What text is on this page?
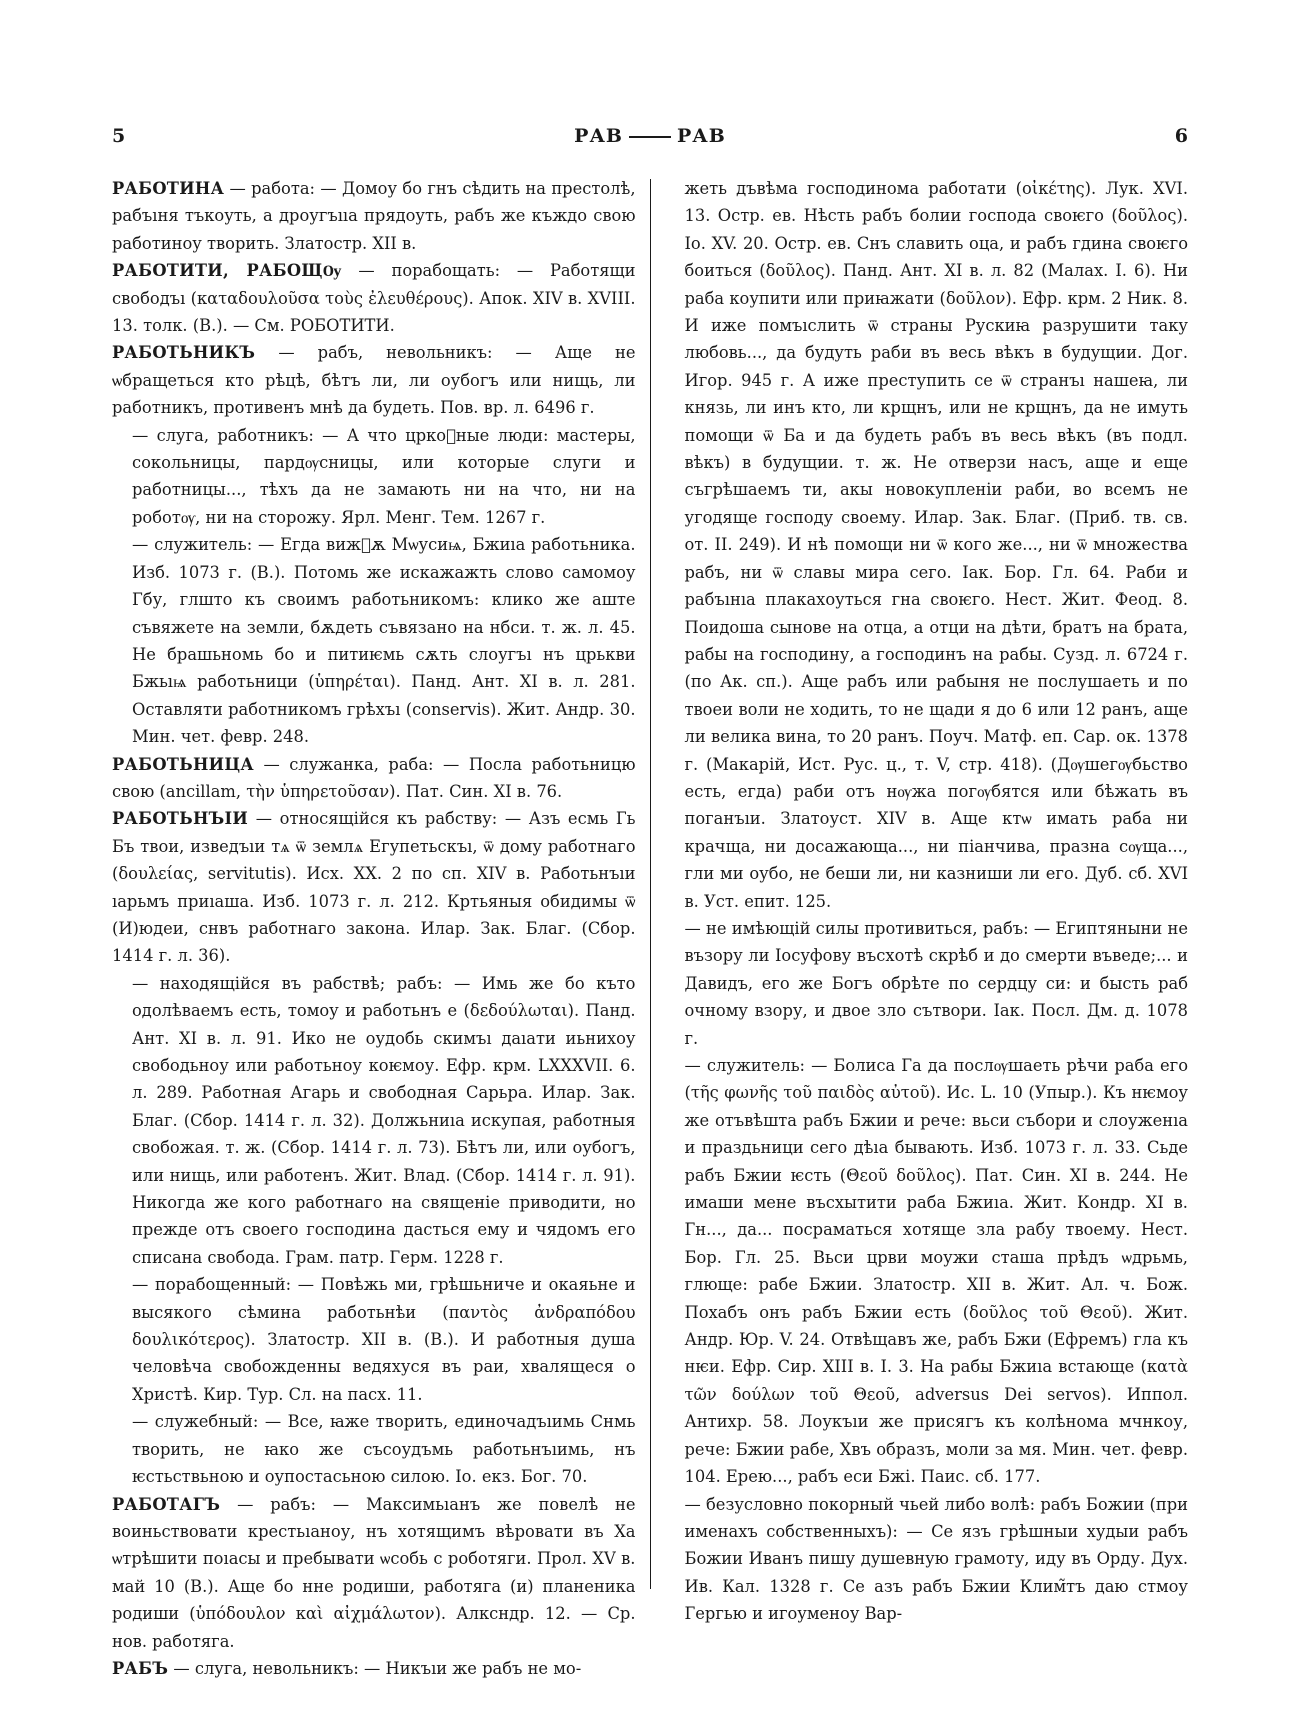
5	РАВ	РАВ	6

РАБОТИНА — работа: — Домоу бо гнъ сѣдить на престолѣ, рабъıня тъкоуть, а дроугъııа прядоуть, рабъ же къждо свою работиноу творить. Златостр. XII в.

РАБОТИТИ, РАБОЩѸ — порабощать: — Работящи свободъı (καταδουλοῦσα τοὺς ἐλευθέρους). Апок. XIV в. XVIII. 13. толк. (В.). — См. РОБОТИТИ.

РАБОТЬНИКЪ — рабъ, невольникъ: — Аще не ѡбращеться кто рѣцѣ, бѣтъ ли, ли оубогъ или нищь, ли работникъ, противенъ мнѣ да будеть. Пов. вр. л. 6496 г.

— слуга, работникъ: — А что цркоⷡные люди: мастеры, сокольницы, пардѹсницы, или которые слуги и работницы..., тѣхъ да не замають ни на что, ни на роботѹ, ни на сторожу. Ярл. Менг. Тем. 1267 г.

— служитель: — Егда вижⷣѫ Мѡусиѩ, Бжиıа работьника. Изб. 1073 г. (В.). Потомь же искажажть слово самомоу Гбу, глшто къ своимъ работьникомъ: клико же аште съвяжете на земли, бѫдеть съвязано на нбси. т. ж. л. 45. Не брашьномь бо и питиѥмь сѫть слоугъı нъ црькви Бжьıѩ работьници (ὑπηρέται). Панд. Ант. XI в. л. 281. Оставляти работникомъ грѣхъı (conservis). Жит. Андр. 30. Мин. чет. февр. 248.

РАБОТЬНИЦА — служанка, раба: — Посла работьницю свою (ancillam, τὴν ὑπηρετοῦσαν). Пат. Син. XI в. 76.

РАБОТЬНЪIИ — относящійся къ рабству: — Азъ есмь Гь Бъ твои, изведъıи тѧ ѿ землѧ Егупетьскъı, ѿ дому работнаго (δουλείας, servitutis). Исх. XX. 2 по сп. XIV в. Работьнъıи ıарьмъ приıашa. Изб. 1073 г. л. 212. Кртьяныя обидимы ѿ (И)юдеи, снвъ работнаго закона. Илар. Зак. Благ. (Сбор. 1414 г. л. 36).

— находящійся въ рабствѣ; рабъ: — Имь же бо къто одолѣваемъ есть, томоу и работьнъ е (δεδούλωται). Панд. Ант. XI в. л. 91. Ико не оудобь скимъı даıати иьнихоу свободьноу или работьноу коѥмоу. Ефр. крм. LXXXVII. 6. л. 289. Работная Агарь и свободная Сарьра. Илар. Зак. Благ. (Сбор. 1414 г. л. 32). Должьниıа искупая, работныя свобожая. т. ж. (Сбор. 1414 г. л. 73). Бѣтъ ли, или оубогъ, или нищь, или работенъ. Жит. Влад. (Сбор. 1414 г. л. 91). Никогда же кого работнаго на священіе приводити, но прежде отъ своего господина дасться ему и чядомъ его списана свобода. Грам. патр. Герм. 1228 г.

— порабощенный: — Повѣжь ми, грѣшьниче и окаяьне и высякого сѣмина работьнѣи (παντὸς ἀνδραπόδου δουλικότερος). Златостр. XII в. (В.). И работныя душа человѣча свобожденны ведяхуся въ раи, хвалящеся о Христѣ. Кир. Тур. Сл. на пасх. 11.

— служебный: — Все, ꙗже творить, единочадъıимь Снмь творить, не ꙗко же съсоудъмь работьнъıимь, нъ ѥстьствьною и оупостасьною силою. Іо. екз. Бог. 70.

РАБОТАГЪ — рабъ: — Максимьıанъ же повелѣ не воиньствовати крестьıаноу, нъ хотящимъ вѣровати въ Ха ѡтрѣшити поıасы и пребывати ѡсобь с роботяги. Прол. XV в. май 10 (В.). Аще бо нне родиши, работяга (и) планеника родиши (ὑπόδουλον καὶ αἰχμάλωτον). Алксндр. 12. — Ср. нов. работяга.

РАБЪ — слуга, невольникъ: — Никъıи же рабъ не мо-

жеть дъвѣма господинома работати (οἰκέτης). Лук. XVI. 13. Остр. ев. Нѣсть рабъ болии господа своѥго (δοῦλος). Іо. XV. 20. Остр. ев. Снъ славить оца, и рабъ гдина своѥго боиться (δοῦλος). Панд. Ант. XI в. л. 82 (Малах. I. 6). Ни раба коупити или приꙗжати (δοῦλον). Ефр. крм. 2 Ник. 8. И иже помъıслить ѿ страны Рускиꙗ разрушити таку любовь..., да будуть раби въ весь вѣкъ в будущии. Дог. Игор. 945 г. А иже преступить се ѿ странъı нашеꙗ, ли князь, ли инъ кто, ли крщнъ, или не крщнъ, да не имуть помощи ѿ Ба и да будеть рабъ въ весь вѣкъ (въ подл. вѣкъ) в будущии. т. ж. Не отверзи насъ, аще и еще съгрѣшаемъ ти, акы новокупленіи раби, во всемъ не угодяще господу своему. Илар. Зак. Благ. (Приб. тв. св. от. II. 249). И нѣ помощи ни ѿ кого же..., ни ѿ множества рабъ, ни ѿ славы мира сего. Іак. Бор. Гл. 64. Раби и рабъıнıа плакахоуться гна своѥго. Нест. Жит. Феод. 8. Поидоша сынове на отца, а отци на дѣти, братъ на брата, рабы на господину, а господинъ на рабы. Сузд. л. 6724 г. (по Ак. сп.). Аще рабъ или рабыня не послушаеть и по твоеи воли не ходить, то не щади я до 6 или 12 ранъ, аще ли велика вина, то 20 ранъ. Поуч. Матф. еп. Сар. ок. 1378 г. (Макарій, Ист. Рус. ц., т. V, стр. 418). (Дѹшегѹбьство есть, егда) раби отъ нѹжа погѹбятся или бѣжать въ поганъıи. Златоуст. XIV в. Аще ктѡ имать раба ни крачща, ни досажающа..., ни піанчива, празна сѹща..., гли ми оубо, не беши ли, ни казниши ли его. Дуб. сб. XVI в. Уст. епит. 125.

— не имѣющій силы противиться, рабъ: — Египтяныни не възору ли Іосуфову въсхотѣ скрѣб и до смерти въведе;... и Давидъ, его же Богъ обрѣте по сердцу си: и бысть раб очному взору, и двое зло сътвори. Іак. Посл. Дм. д. 1078 г.

— служитель: — Болиса Га да послѹшаеть рѣчи раба его (τῆς φωνῆς τοῦ παιδὸς αὐτοῦ). Ис. L. 10 (Упыр.). Къ нѥмоу же отъвѣшта рабъ Бжии и рече: вьси събори и слоуженıа и праздьници сего дѣıа бывають. Изб. 1073 г. л. 33. Сьде рабъ Бжии ѥсть (Θεοῦ δοῦλος). Пат. Син. XI в. 244. Не имаши мене въсхытити раба Бжиıа. Жит. Кондр. XI в. Гн..., да... посраматься хотяще зла рабу твоему. Нест. Бор. Гл. 25. Вьси црви моужи сташа прѣдъ ѡдрьмь, глюще: рабе Бжии. Златостр. XII в. Жит. Ал. ч. Бож. Похабъ онъ рабъ Бжии есть (δοῦλος τοῦ Θεοῦ). Жит. Андр. Юр. V. 24. Отвѣщавъ же, рабъ Бжи (Ефремъ) гла къ нѥи. Ефр. Сир. XIII в. I. 3. На рабы Бжиıа встающе (κατὰ τῶν δούλων τοῦ Θεοῦ, adversus Dei servos). Иппол. Антихр. 58. Лоукъıи же присягъ къ колѣнома мчнкоу, рече: Бжии рабе, Хвъ образъ, моли за мя. Мин. чет. февр. 104. Ерею..., рабъ еси Бжі. Паис. сб. 177.

— безусловно покорный чьей либо волѣ: рабъ Божии (при именахъ собственныхъ): — Се язъ грѣшныи худыи рабъ Божии Иванъ пишу душевную грамоту, иду въ Орду. Дух. Ив. Кал. 1328 г. Се азъ рабъ Бжии Клим̃тъ даю стмоу Гергью и игоуменоу Вар-
